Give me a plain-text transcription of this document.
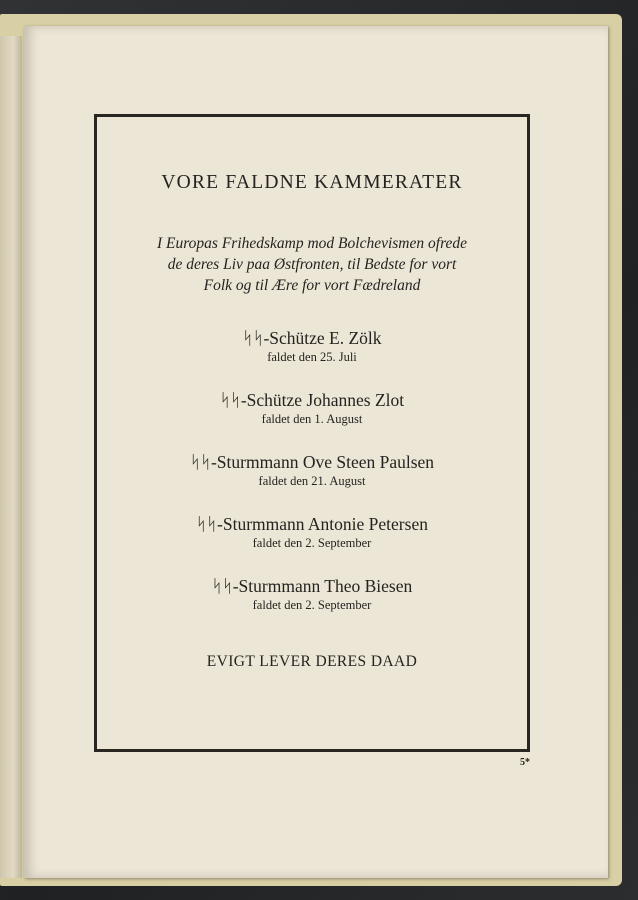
VORE FALDNE KAMMERATER
I Europas Frihedskamp mod Bolchevismen ofrede
de deres Liv paa Østfronten, til Bedste for vort
Folk og til Ære for vort Fædreland
ᛋᛋ-Schütze E. Zölk
faldet den 25. Juli
ᛋᛋ-Schütze Johannes Zlot
faldet den 1. August
ᛋᛋ-Sturmmann Ove Steen Paulsen
faldet den 21. August
ᛋᛋ-Sturmmann Antonie Petersen
faldet den 2. September
ᛋᛋ-Sturmmann Theo Biesen
faldet den 2. September
EVIGT LEVER DERES DAAD
5*
